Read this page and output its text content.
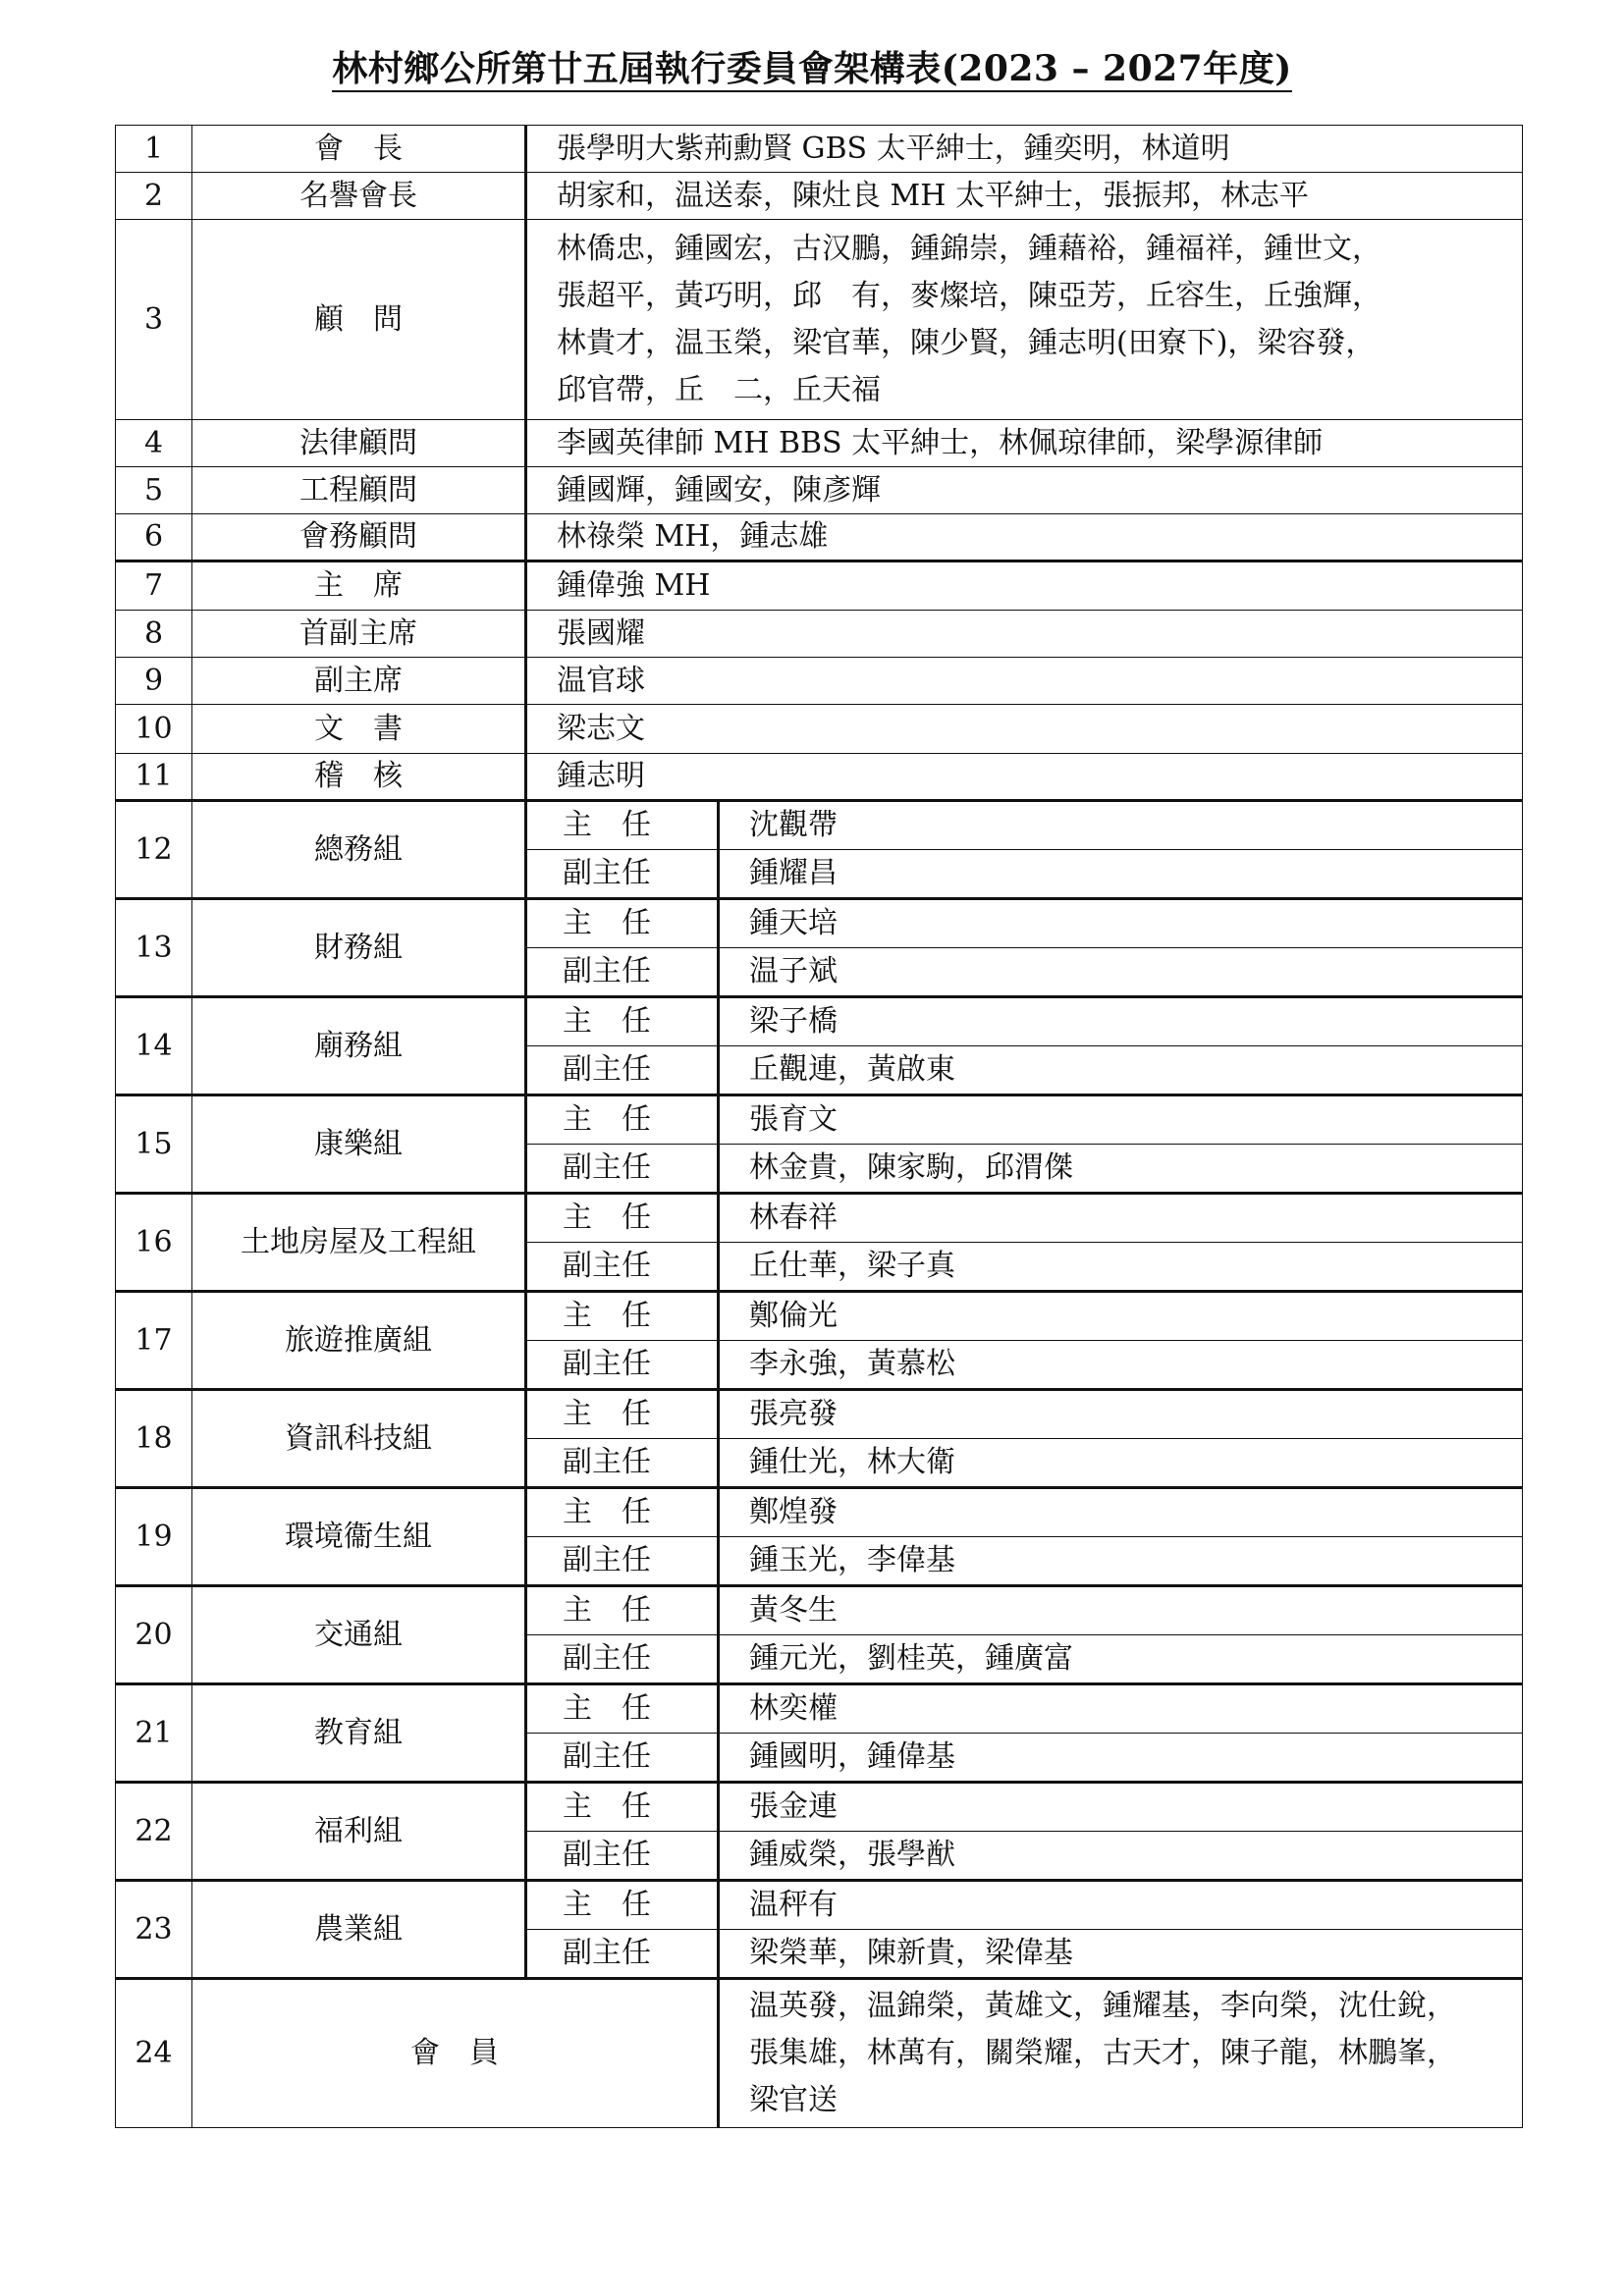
林村鄉公所第廿五屆執行委員會架構表(2023 – 2027年度)
1	會　長	張學明大紫荊勳賢 GBS 太平紳士，鍾奕明，林道明	

2	名譽會長	胡家和，温送泰，陳灶良 MH 太平紳士，張振邦，林志平	

3	顧　問	林僑忠，鍾國宏，古汉鵬，鍾錦崇，鍾藉裕，鍾福祥，鍾世文，
張超平，黃巧明，邱　有，麥燦培，陳亞芳，丘容生，丘強輝，
林貴才，温玉榮，梁官華，陳少賢，鍾志明(田寮下)，梁容發，
邱官帶，丘　二，丘天福	

4	法律顧問	李國英律師 MH BBS 太平紳士，林佩琼律師，梁學源律師	

5	工程顧問	鍾國輝，鍾國安，陳彥輝	

6	會務顧問	林祿榮 MH，鍾志雄	

7	主　席	鍾偉強 MH	

8	首副主席	張國耀	

9	副主席	温官球	

10	文　書	梁志文	

11	稽　核	鍾志明	

12	總務組	主　任	沈觀帶
		副主任	鍾耀昌
13	財務組	主　任	鍾天培
		副主任	温子斌
14	廟務組	主　任	梁子橋
		副主任	丘觀連，黃啟東
15	康樂組	主　任	張育文
		副主任	林金貴，陳家駒，邱渭傑
16	土地房屋及工程組	主　任	林春祥
		副主任	丘仕華，梁子真
17	旅遊推廣組	主　任	鄭倫光
		副主任	李永強，黃慕松
18	資訊科技組	主　任	張亮發
		副主任	鍾仕光，林大衛
19	環境衞生組	主　任	鄭煌發
		副主任	鍾玉光，李偉基
20	交通組	主　任	黃冬生
		副主任	鍾元光，劉桂英，鍾廣富
21	教育組	主　任	林奕權
		副主任	鍾國明，鍾偉基
22	福利組	主　任	張金連
		副主任	鍾威榮，張學猷
23	農業組	主　任	温秤有
		副主任	梁榮華，陳新貴，梁偉基
24	會　員		温英發，温錦榮，黃雄文，鍾耀基，李向榮，沈仕銳，
張集雄，林萬有，關榮耀，古天才，陳子龍，林鵬峯，
梁官送
